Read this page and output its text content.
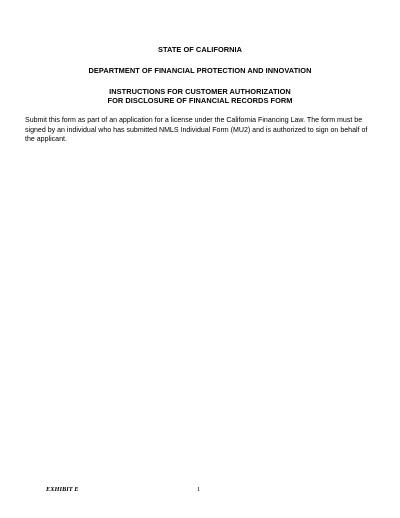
STATE OF CALIFORNIA
DEPARTMENT OF FINANCIAL PROTECTION AND INNOVATION
INSTRUCTIONS FOR CUSTOMER AUTHORIZATION
FOR DISCLOSURE OF FINANCIAL RECORDS FORM
Submit this form as part of an application for a license under the California Financing Law. The form must be signed by an individual who has submitted NMLS Individual Form (MU2) and is authorized to sign on behalf of the applicant.
EXHIBIT E	1
